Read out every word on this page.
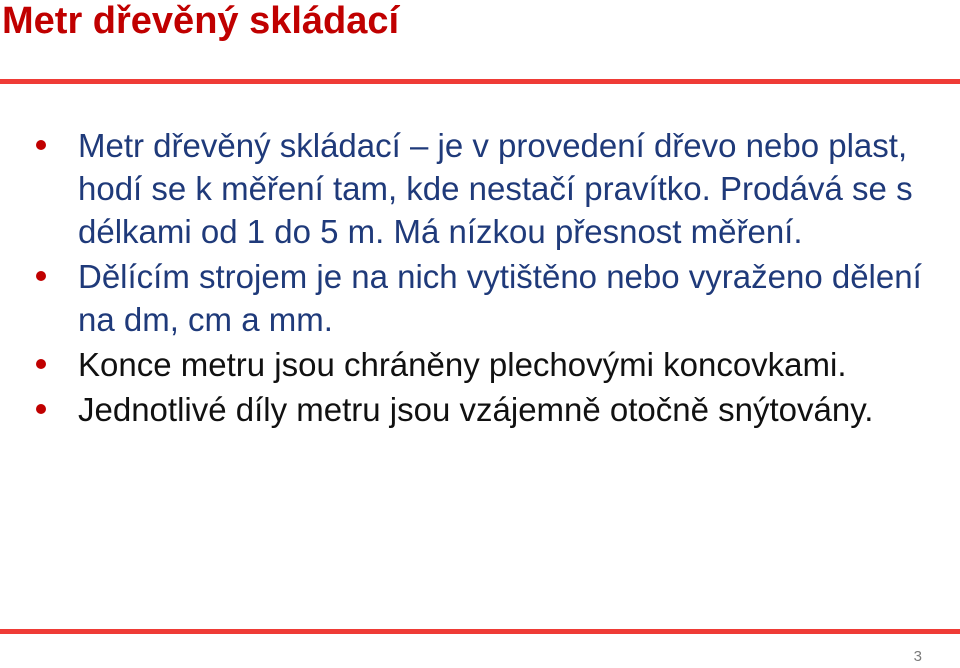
Metr dřevěný skládací
Metr dřevěný skládací – je v provedení dřevo nebo plast, hodí se k měření tam, kde nestačí pravítko. Prodává se s délkami od 1 do 5 m. Má nízkou přesnost měření.
Dělícím strojem je na nich vytištěno nebo vyraženo dělení na dm, cm a mm.
Konce metru jsou chráněny plechovými koncovkami.
Jednotlivé díly metru jsou vzájemně otočně snýtovány.
3
